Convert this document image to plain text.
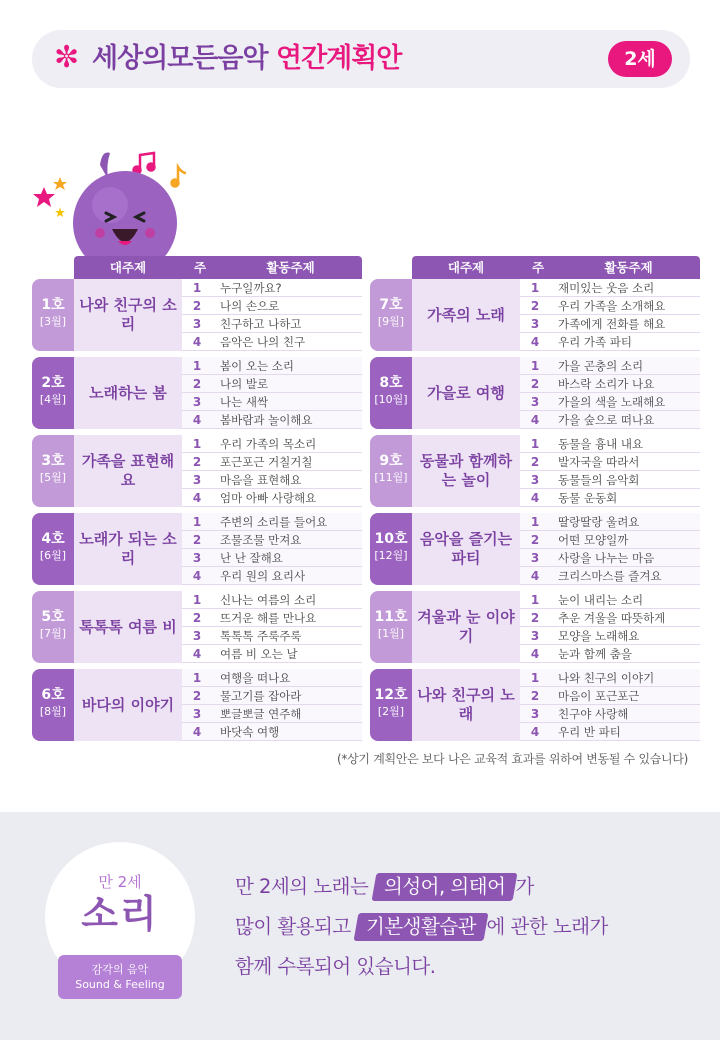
✼ 세상의모든음악 연간계획안	2세
대주제	주	활동주제
1호
[3월]
나와 친구의 소리
1	누구일까요?
2	나의 손으로
3	친구하고 나하고
4	음악은 나의 친구
2호
[4월]	노래하는 봄
1	봄이 오는 소리
2	나의 발로
3	나는 새싹
4	봄바람과 놀이해요
3호
[5월]
가족을 표현해요
1	우리 가족의 목소리
2	포근포근 거칠거칠
3	마음을 표현해요
4	엄마 아빠 사랑해요
4호
[6월]
노래가 되는 소리
1	주변의 소리를 들어요
2	조물조물 만져요
3	난 난 잘해요
4	우리 원의 요리사
5호
[7월] 톡톡톡 여름 비
1	신나는 여름의 소리
2	뜨거운 해를 만나요
3	톡톡톡 주룩주룩
4	여름 비 오는 날
6호
[8월]	바다의 이야기
1	여행을 떠나요
2	물고기를 잡아라
3	뽀글뽀글 연주해
4	바닷속 여행
대주제	주	활동주제
7호
[9월]	가족의 노래
1	재미있는 웃음 소리
2	우리 가족을 소개해요
3	가족에게 전화를 해요
4	우리 가족 파티
8호
[10월]	가을로 여행
1	가을 곤충의 소리
2	바스락 소리가 나요
3	가을의 색을 노래해요
4	가을 숲으로 떠나요
9호
[11월]
동물과 함께하는 놀이
1	동물을 흉내 내요
2	발자국을 따라서
3	동물들의 음악회
4	동물 운동회
10호
[12월]
음악을 즐기는 파티
1	딸랑딸랑 울려요
2	어떤 모양일까
3	사랑을 나누는 마음
4	크리스마스를 즐겨요
11호
[1월]
겨울과 눈 이야기
1	눈이 내리는 소리
2	추운 겨울을 따뜻하게
3	모양을 노래해요
4	눈과 함께 춤을
12호
[2월]
나와 친구의 노래
1	나와 친구의 이야기
2	마음이 포근포근
3	친구야 사랑해
4	우리 반 파티
(*상기 계획안은 보다 나은 교육적 효과를 위하여 변동될 수 있습니다)
만 2세
소리
감각의 음악
Sound & Feeling
만 2세의 노래는 의성어, 의태어 가
많이 활용되고 기본생활습관 에 관한 노래가
함께 수록되어 있습니다.
